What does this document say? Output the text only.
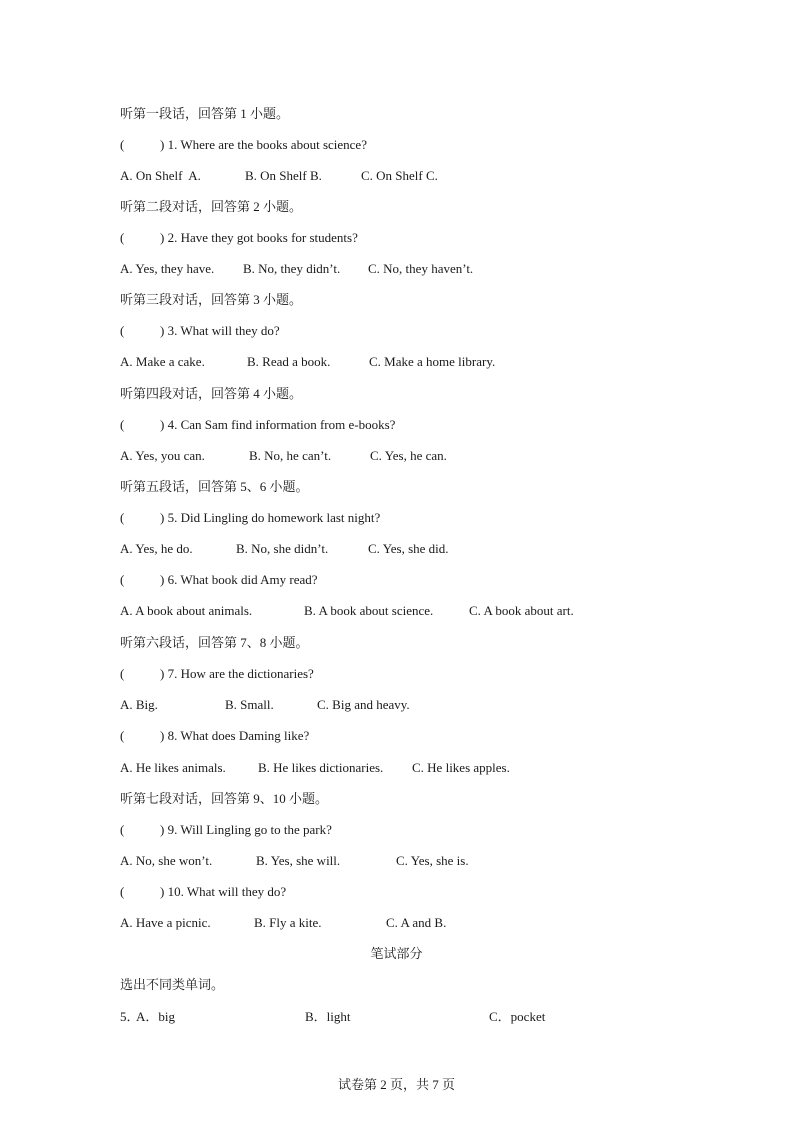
听第一段话，回答第 1 小题。
(	) 1. Where are the books about science?
A. On Shelf  A.	B. On Shelf B.	C. On Shelf C.
听第二段对话，回答第 2 小题。
(	) 2. Have they got books for students?
A. Yes, they have. B. No, they didn’t. C. No, they haven’t.
听第三段对话，回答第 3 小题。
(	) 3. What will they do?
A. Make a cake.	B. Read a book.	C. Make a home library.
听第四段对话，回答第 4 小题。
(	) 4. Can Sam find information from e-books?
A. Yes, you can.	B. No, he can’t.	C. Yes, he can.
听第五段话，回答第 5、6 小题。
(	) 5. Did Lingling do homework last night?
A. Yes, he do.	B. No, she didn’t.	C. Yes, she did.
(	) 6. What book did Amy read?
A. A book about animals.	B. A book about science.	C. A book about art.
听第六段话，回答第 7、8 小题。
(	) 7. How are the dictionaries?
A. Big.	B. Small.	C. Big and heavy.
(	) 8. What does Daming like?
A. He likes animals. B. He likes dictionaries. C. He likes apples.
听第七段对话，回答第 9、10 小题。
(	) 9. Will Lingling go to the park?
A. No, she won’t.	B. Yes, she will.	C. Yes, she is.
(	) 10. What will they do?
A. Have a picnic.	B. Fly a kite.	C. A and B.
笔试部分
选出不同类单词。
5．
A．big	B．light	C．pocket
试卷第 2 页，共 7 页
